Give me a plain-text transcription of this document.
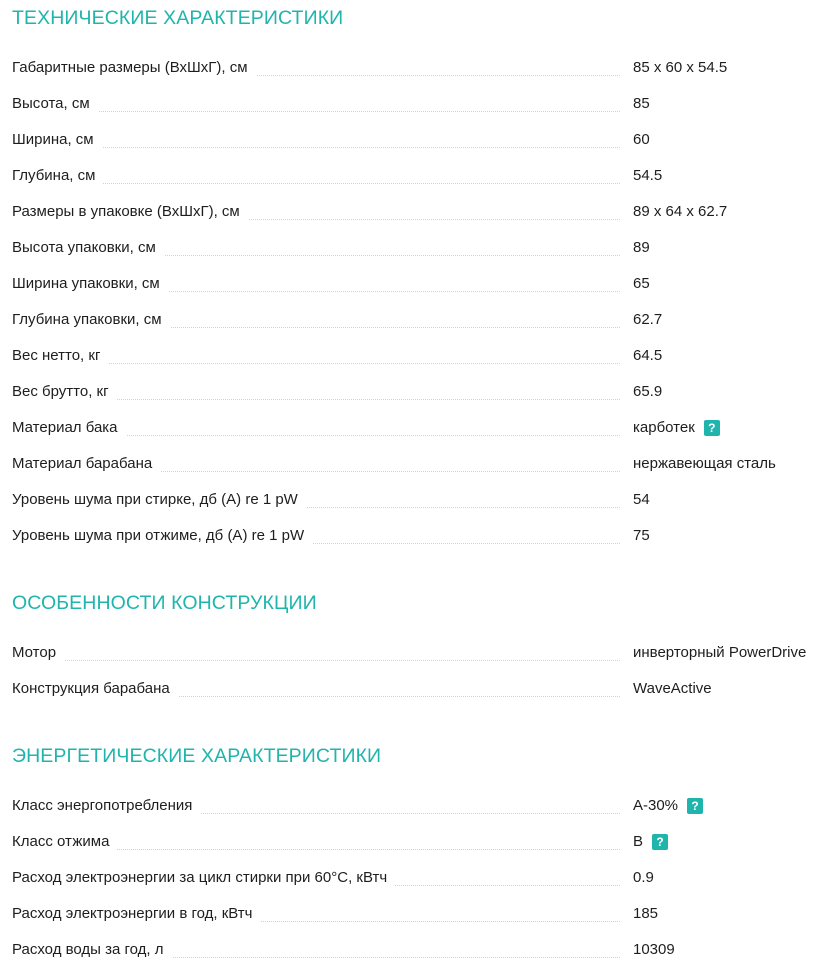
ТЕХНИЧЕСКИЕ ХАРАКТЕРИСТИКИ
Габаритные размеры (ВхШхГ), см	85 x 60 x 54.5
Высота, см	85
Ширина, см	60
Глубина, см	54.5
Размеры в упаковке (ВхШхГ), см	89 x 64 x 62.7
Высота упаковки, см	89
Ширина упаковки, см	65
Глубина упаковки, см	62.7
Вес нетто, кг	64.5
Вес брутто, кг	65.9
Материал бака	карботек	?
Материал барабана	нержавеющая сталь
Уровень шума при стирке, дб (А) re 1 pW	54
Уровень шума при отжиме, дб (А) re 1 pW	75
ОСОБЕННОСТИ КОНСТРУКЦИИ
Мотор	инверторный PowerDrive
Конструкция барабана	WaveActive
ЭНЕРГЕТИЧЕСКИЕ ХАРАКТЕРИСТИКИ
Класс энергопотребления	A-30%	?
Класс отжима	B	?
Расход электроэнергии за цикл стирки при 60°C, кВтч	0.9
Расход электроэнергии в год, кВтч	185
Расход воды за год, л	10309
